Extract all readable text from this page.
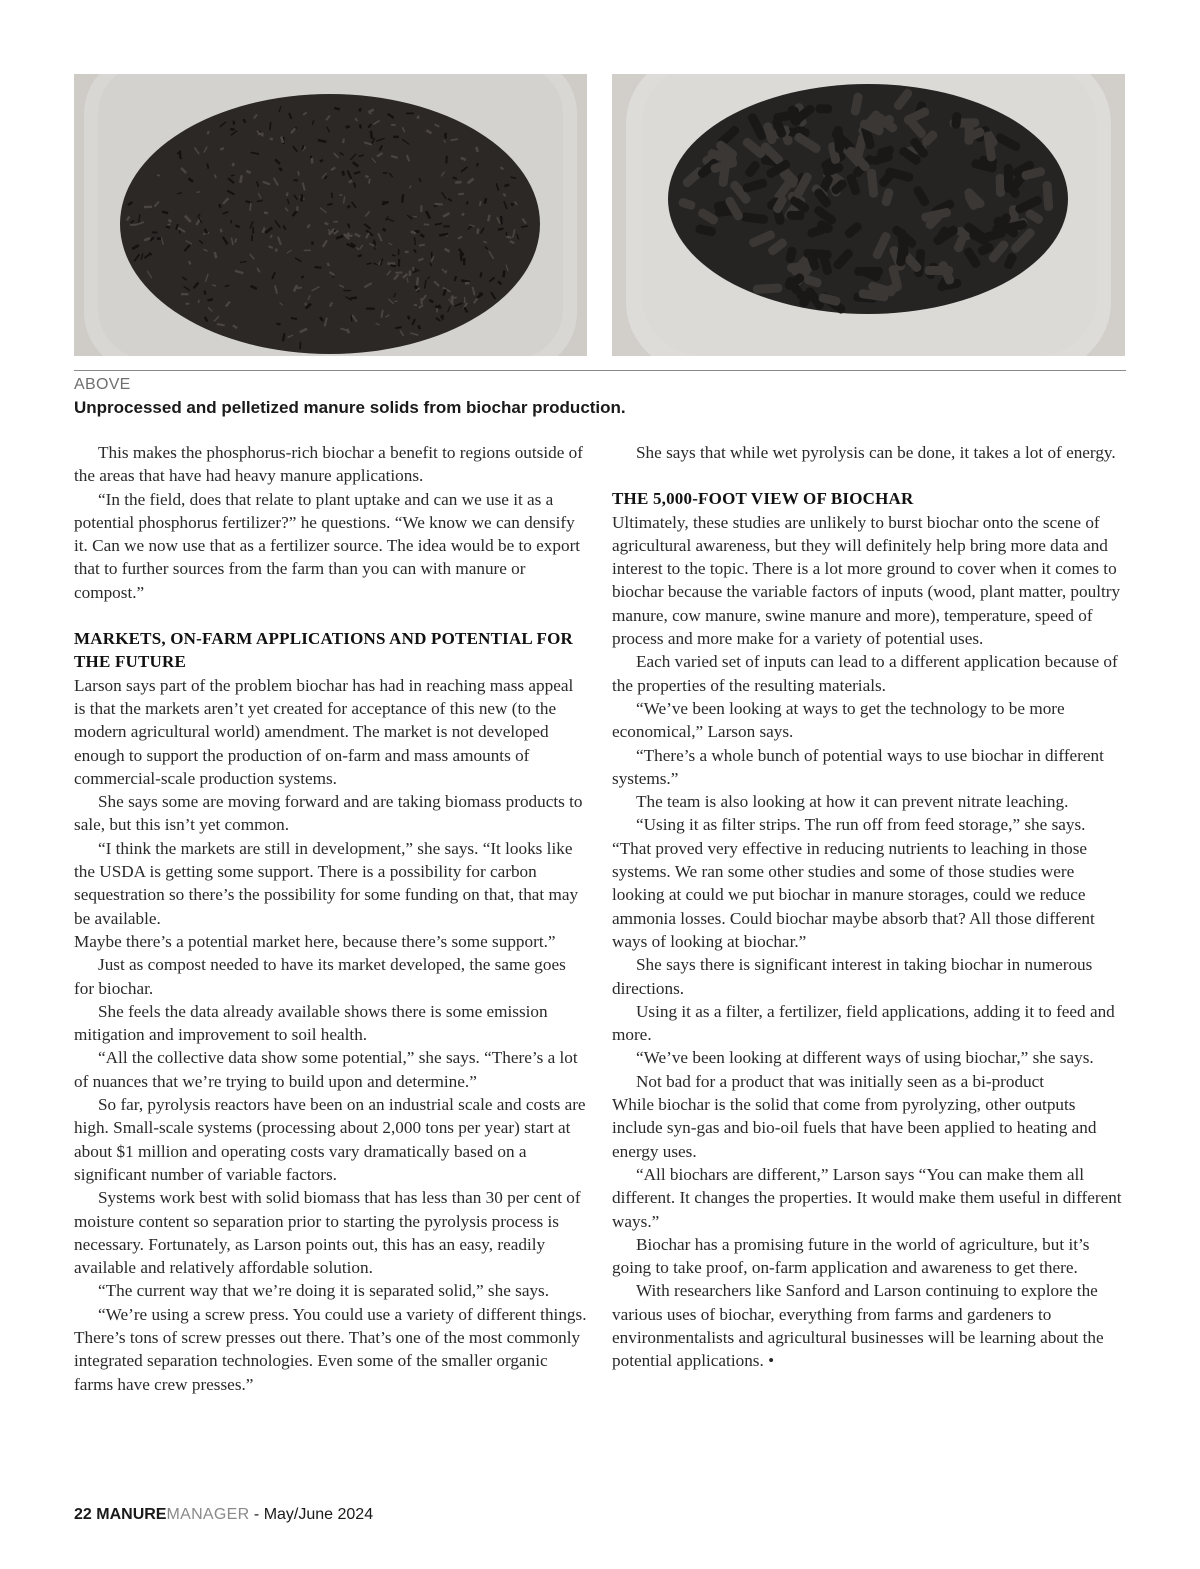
ABOVE
Unprocessed and pelletized manure solids from biochar production.

This makes the phosphorus-rich biochar a benefit to regions outside of the areas that have had heavy manure applications.

“In the field, does that relate to plant uptake and can we use it as a potential phosphorus fertilizer?” he questions. “We know we can densify it. Can we now use that as a fertilizer source. The idea would be to export that to further sources from the farm than you can with manure or compost.”

MARKETS, ON-FARM APPLICATIONS AND POTENTIAL FOR THE FUTURE

Larson says part of the problem biochar has had in reaching mass appeal is that the markets aren’t yet created for acceptance of this new (to the modern agricultural world) amendment. The market is not developed enough to support the production of on-farm and mass amounts of commercial-scale production systems.

She says some are moving forward and are taking biomass products to sale, but this isn’t yet common.

“I think the markets are still in development,” she says. “It looks like the USDA is getting some support. There is a possibility for carbon sequestration so there’s the possibility for some funding on that, that may be available.

Maybe there’s a potential market here, because there’s some support.”

Just as compost needed to have its market developed, the same goes for biochar.

She feels the data already available shows there is some emission mitigation and improvement to soil health.

“All the collective data show some potential,” she says. “There’s a lot of nuances that we’re trying to build upon and determine.”

So far, pyrolysis reactors have been on an industrial scale and costs are high. Small-scale systems (processing about 2,000 tons per year) start at about $1 million and operating costs vary dramatically based on a significant number of variable factors.

Systems work best with solid biomass that has less than 30 per cent of moisture content so separation prior to starting the pyrolysis process is necessary. Fortunately, as Larson points out, this has an easy, readily available and relatively affordable solution.

“The current way that we’re doing it is separated solid,” she says.

“We’re using a screw press. You could use a variety of different things. There’s tons of screw presses out there. That’s one of the most commonly integrated separation technologies. Even some of the smaller organic farms have crew presses.”

She says that while wet pyrolysis can be done, it takes a lot of energy.

THE 5,000-FOOT VIEW OF BIOCHAR

Ultimately, these studies are unlikely to burst biochar onto the scene of agricultural awareness, but they will definitely help bring more data and interest to the topic. There is a lot more ground to cover when it comes to biochar because the variable factors of inputs (wood, plant matter, poultry manure, cow manure, swine manure and more), temperature, speed of process and more make for a variety of potential uses.

Each varied set of inputs can lead to a different application because of the properties of the resulting materials.

“We’ve been looking at ways to get the technology to be more economical,” Larson says.

“There’s a whole bunch of potential ways to use biochar in different systems.”

The team is also looking at how it can prevent nitrate leaching.

“Using it as filter strips. The run off from feed storage,” she says. “That proved very effective in reducing nutrients to leaching in those systems. We ran some other studies and some of those studies were looking at could we put biochar in manure storages, could we reduce ammonia losses. Could biochar maybe absorb that? All those different ways of looking at biochar.”

She says there is significant interest in taking biochar in numerous directions.

Using it as a filter, a fertilizer, field applications, adding it to feed and more.

“We’ve been looking at different ways of using biochar,” she says.

Not bad for a product that was initially seen as a bi-product

While biochar is the solid that come from pyrolyzing, other outputs include syn-gas and bio-oil fuels that have been applied to heating and energy uses.

“All biochars are different,” Larson says “You can make them all different. It changes the properties. It would make them useful in different ways.”

Biochar has a promising future in the world of agriculture, but it’s going to take proof, on-farm application and awareness to get there.

With researchers like Sanford and Larson continuing to explore the various uses of biochar, everything from farms and gardeners to environmentalists and agricultural businesses will be learning about the potential applications. •

22 MANUREMANAGER - May/June 2024
